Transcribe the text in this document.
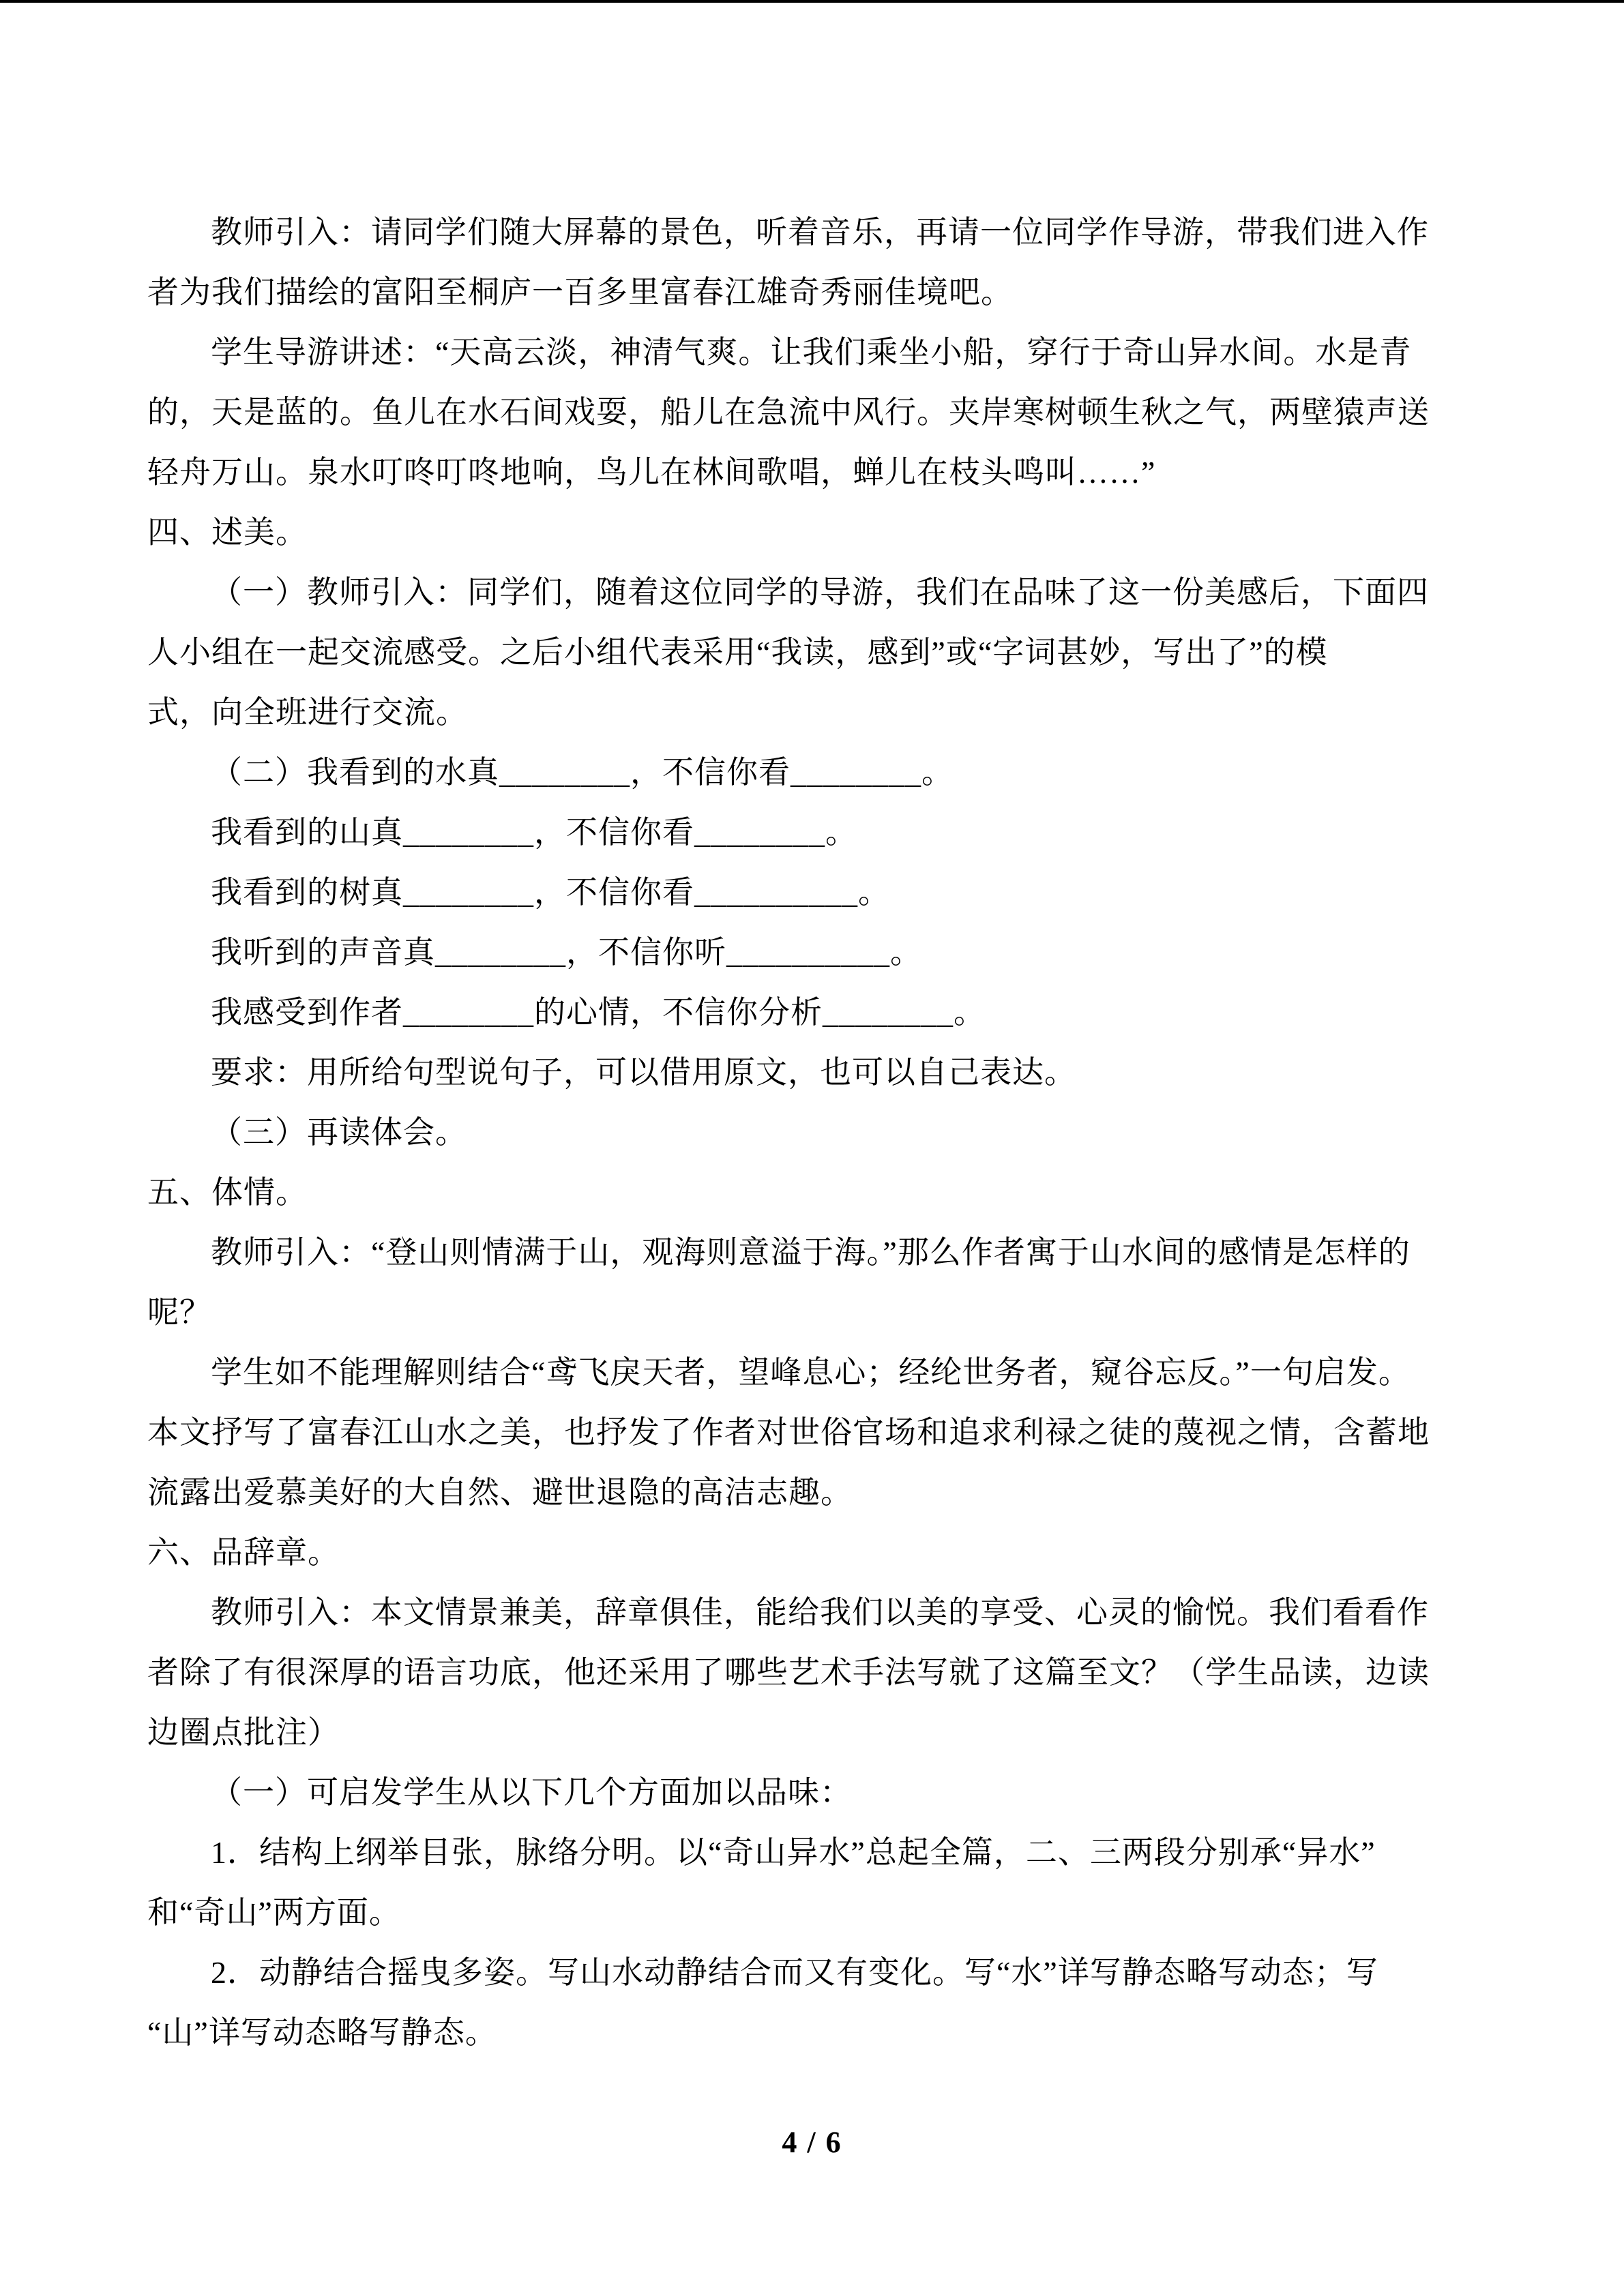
教师引入：请同学们随大屏幕的景色，听着音乐，再请一位同学作导游，带我们进入作
者为我们描绘的富阳至桐庐一百多里富春江雄奇秀丽佳境吧。
学生导游讲述：“天高云淡，神清气爽。让我们乘坐小船，穿行于奇山异水间。水是青
的，天是蓝的。鱼儿在水石间戏耍，船儿在急流中风行。夹岸寒树顿生秋之气，两壁猿声送
轻舟万山。泉水叮咚叮咚地响，鸟儿在林间歌唱，蝉儿在枝头鸣叫……”
四、述美。
（一）教师引入：同学们，随着这位同学的导游，我们在品味了这一份美感后，下面四
人小组在一起交流感受。之后小组代表采用“我读，感到”或“字词甚妙，写出了”的模
式，向全班进行交流。
（二）我看到的水真________，不信你看________。
我看到的山真________，不信你看________。
我看到的树真________，不信你看__________。
我听到的声音真________，不信你听__________。
我感受到作者________的心情，不信你分析________。
要求：用所给句型说句子，可以借用原文，也可以自己表达。
（三）再读体会。
五、体情。
教师引入：“登山则情满于山，观海则意溢于海。”那么作者寓于山水间的感情是怎样的
呢？
学生如不能理解则结合“鸢飞戾天者，望峰息心；经纶世务者，窥谷忘反。”一句启发。
本文抒写了富春江山水之美，也抒发了作者对世俗官场和追求利禄之徒的蔑视之情，含蓄地
流露出爱慕美好的大自然、避世退隐的高洁志趣。
六、品辞章。
教师引入：本文情景兼美，辞章俱佳，能给我们以美的享受、心灵的愉悦。我们看看作
者除了有很深厚的语言功底，他还采用了哪些艺术手法写就了这篇至文？（学生品读，边读
边圈点批注）
（一）可启发学生从以下几个方面加以品味：
1．结构上纲举目张，脉络分明。以“奇山异水”总起全篇，二、三两段分别承“异水”
和“奇山”两方面。
2．动静结合摇曳多姿。写山水动静结合而又有变化。写“水”详写静态略写动态；写
“山”详写动态略写静态。
4 / 6
